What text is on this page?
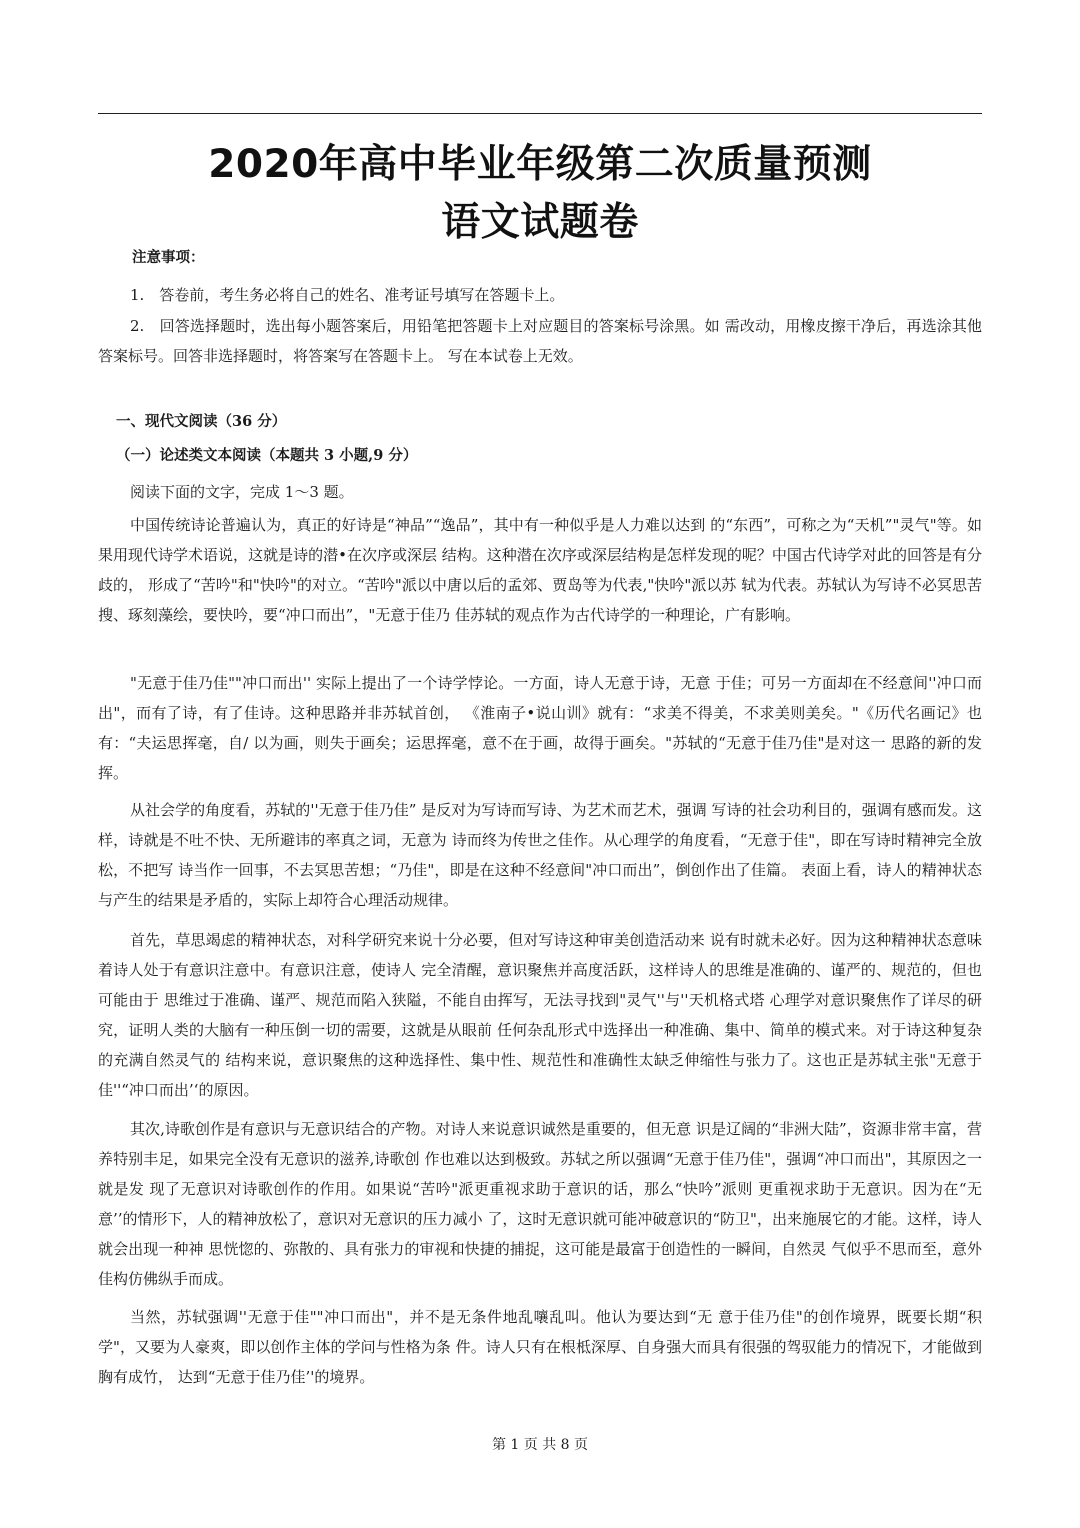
2020年高中毕业年级第二次质量预测
语文试题卷

注意事项：

1.　答卷前，考生务必将自己的姓名、准考证号填写在答题卡上。

2.　回答选择题时，选出每小题答案后，用铅笔把答题卡上对应题目的答案标号涂黑。如 需改动，用橡皮擦干净后，再选涂其他答案标号。回答非选择题时，将答案写在答题卡上。 写在本试卷上无效。

一、现代文阅读（36 分）

（一）论述类文本阅读（本题共 3 小题,9 分）

阅读下面的文字，完成 1～3 题。

中国传统诗论普遍认为，真正的好诗是“神品”“逸品”，其中有一种似乎是人力难以达到 的“东西”，可称之为“天机”"灵气"等。如果用现代诗学术语说，这就是诗的潜•在次序或深层 结构。这种潜在次序或深层结构是怎样发现的呢？中国古代诗学对此的回答是有分歧的， 形成了“苦吟"和"快吟"的对立。“苦吟"派以中唐以后的孟郊、贾岛等为代表,"快吟"派以苏 轼为代表。苏轼认为写诗不必冥思苦搜、琢刻藻绘，要快吟，要“冲口而出”，"无意于佳乃 佳苏轼的观点作为古代诗学的一种理论，广有影响。

"无意于佳乃佳""冲口而出'' 实际上提出了一个诗学悖论。一方面，诗人无意于诗，无意 于佳；可另一方面却在不经意间''冲口而出"，而有了诗，有了佳诗。这种思路并非苏轼首创， 《淮南子•说山训》就有：“求美不得美，不求美则美矣。"《历代名画记》也有：“夫运思挥毫，自/ 以为画，则失于画矣；运思挥毫，意不在于画，故得于画矣。"苏轼的“无意于佳乃佳"是对这一 思路的新的发挥。

从社会学的角度看，苏轼的''无意于佳乃佳” 是反对为写诗而写诗、为艺术而艺术，强调 写诗的社会功利目的，强调有感而发。这样，诗就是不吐不快、无所避讳的率真之词，无意为 诗而终为传世之佳作。从心理学的角度看，“无意于佳"，即在写诗时精神完全放松，不把写 诗当作一回事，不去冥思苦想；“乃佳"，即是在这种不经意间"冲口而出”，倒创作出了佳篇。 表面上看，诗人的精神状态与产生的结果是矛盾的，实际上却符合心理活动规律。

首先，草思竭虑的精神状态，对科学研究来说十分必要，但对写诗这种审美创造活动来 说有时就未必好。因为这种精神状态意味着诗人处于有意识注意中。有意识注意，使诗人 完全清醒，意识聚焦并高度活跃，这样诗人的思维是准确的、谨严的、规范的，但也可能由于 思维过于准确、谨严、规范而陷入狭隘，不能自由挥写，无法寻找到"灵气''与''天机格式塔 心理学对意识聚焦作了详尽的研究，证明人类的大脑有一种压倒一切的需要，这就是从眼前 任何杂乱形式中选择出一种准确、集中、简单的模式来。对于诗这种复杂的充满自然灵气的 结构来说，意识聚焦的这种选择性、集中性、规范性和准确性太缺乏伸缩性与张力了。这也正是苏轼主张"无意于佳''“冲口而出’‘的原因。

其次,诗歌创作是有意识与无意识结合的产物。对诗人来说意识诚然是重要的，但无意 识是辽阔的“非洲大陆”，资源非常丰富，营养特别丰足，如果完全没有无意识的滋养,诗歌创 作也难以达到极致。苏轼之所以强调“无意于佳乃佳"，强调“冲口而出"，其原因之一就是发 现了无意识对诗歌创作的作用。如果说“苦吟"派更重视求助于意识的话，那么“快吟”派则 更重视求助于无意识。因为在“无意’’的情形下，人的精神放松了，意识对无意识的压力减小 了，这时无意识就可能冲破意识的“防卫"，出来施展它的才能。这样，诗人就会出现一种神 思恍惚的、弥散的、具有张力的审视和快捷的捕捉，这可能是最富于创造性的一瞬间，自然灵 气似乎不思而至，意外佳构仿佛纵手而成。

当然，苏轼强调''无意于佳""冲口而出"，并不是无条件地乱嚷乱叫。他认为要达到“无 意于佳乃佳"的创作境界，既要长期“积学"，又要为人豪爽，即以创作主体的学问与性格为条 件。诗人只有在根柢深厚、自身强大而具有很强的驾驭能力的情况下，才能做到胸有成竹， 达到“无意于佳乃佳’'的境界。

第 1 页 共 8 页
